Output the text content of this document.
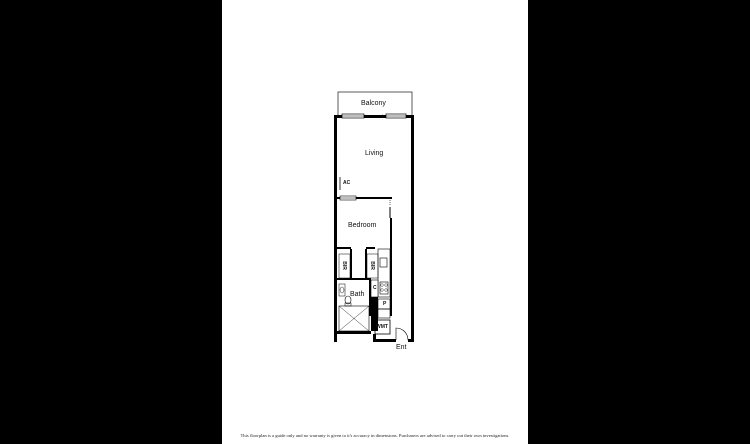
Balcony
Living
Bedroom
Bath
Ent
AC
BIR	BIR
C
P
WMT
This floorplan is a guide only and no warranty is given to it's accuracy in dimensions. Purchasers are advised to carry out their own investigations.
